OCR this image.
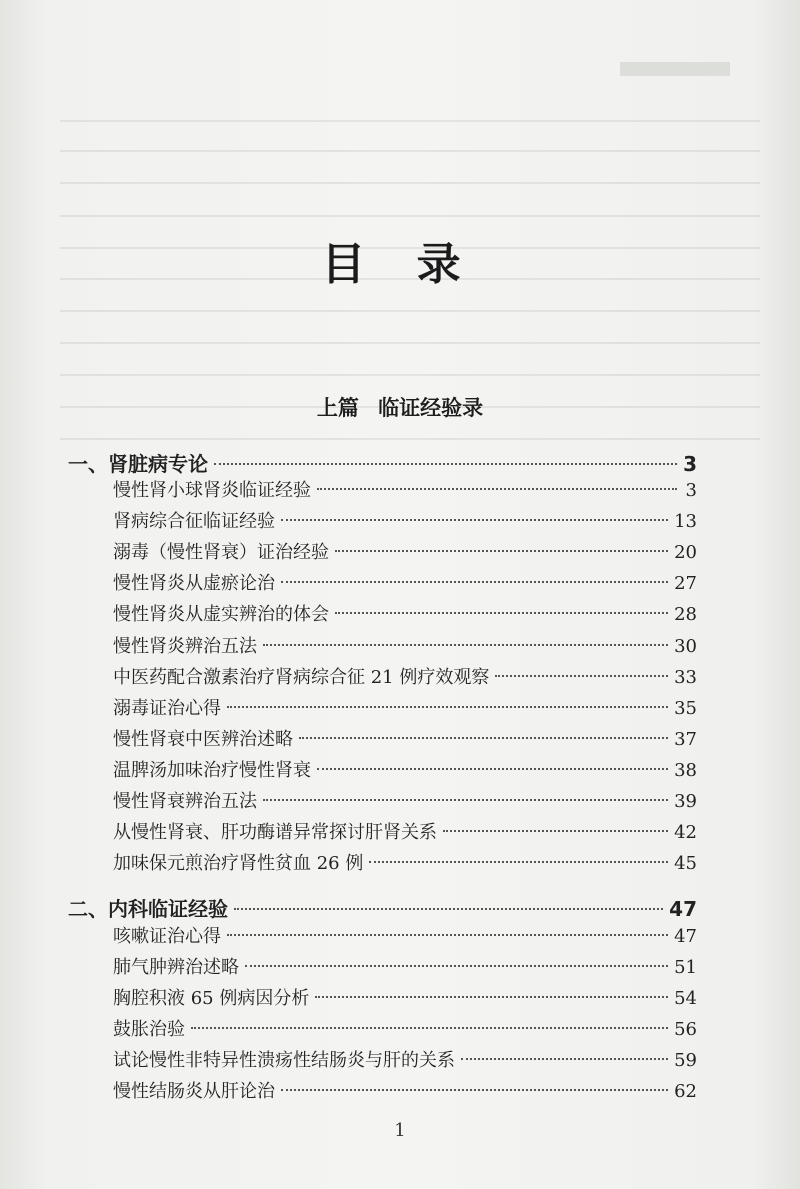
目 录
上篇 临证经验录
一、肾脏病专论	3
慢性肾小球肾炎临证经验	3
肾病综合征临证经验	13
溺毒（慢性肾衰）证治经验	20
慢性肾炎从虚瘀论治	27
慢性肾炎从虚实辨治的体会	28
慢性肾炎辨治五法	30
中医药配合激素治疗肾病综合征 21 例疗效观察	33
溺毒证治心得	35
慢性肾衰中医辨治述略	37
温脾汤加味治疗慢性肾衰	38
慢性肾衰辨治五法	39
从慢性肾衰、肝功酶谱异常探讨肝肾关系	42
加味保元煎治疗肾性贫血 26 例	45
二、内科临证经验	47
咳嗽证治心得	47
肺气肿辨治述略	51
胸腔积液 65 例病因分析	54
鼓胀治验	56
试论慢性非特异性溃疡性结肠炎与肝的关系	59
慢性结肠炎从肝论治	62
1
